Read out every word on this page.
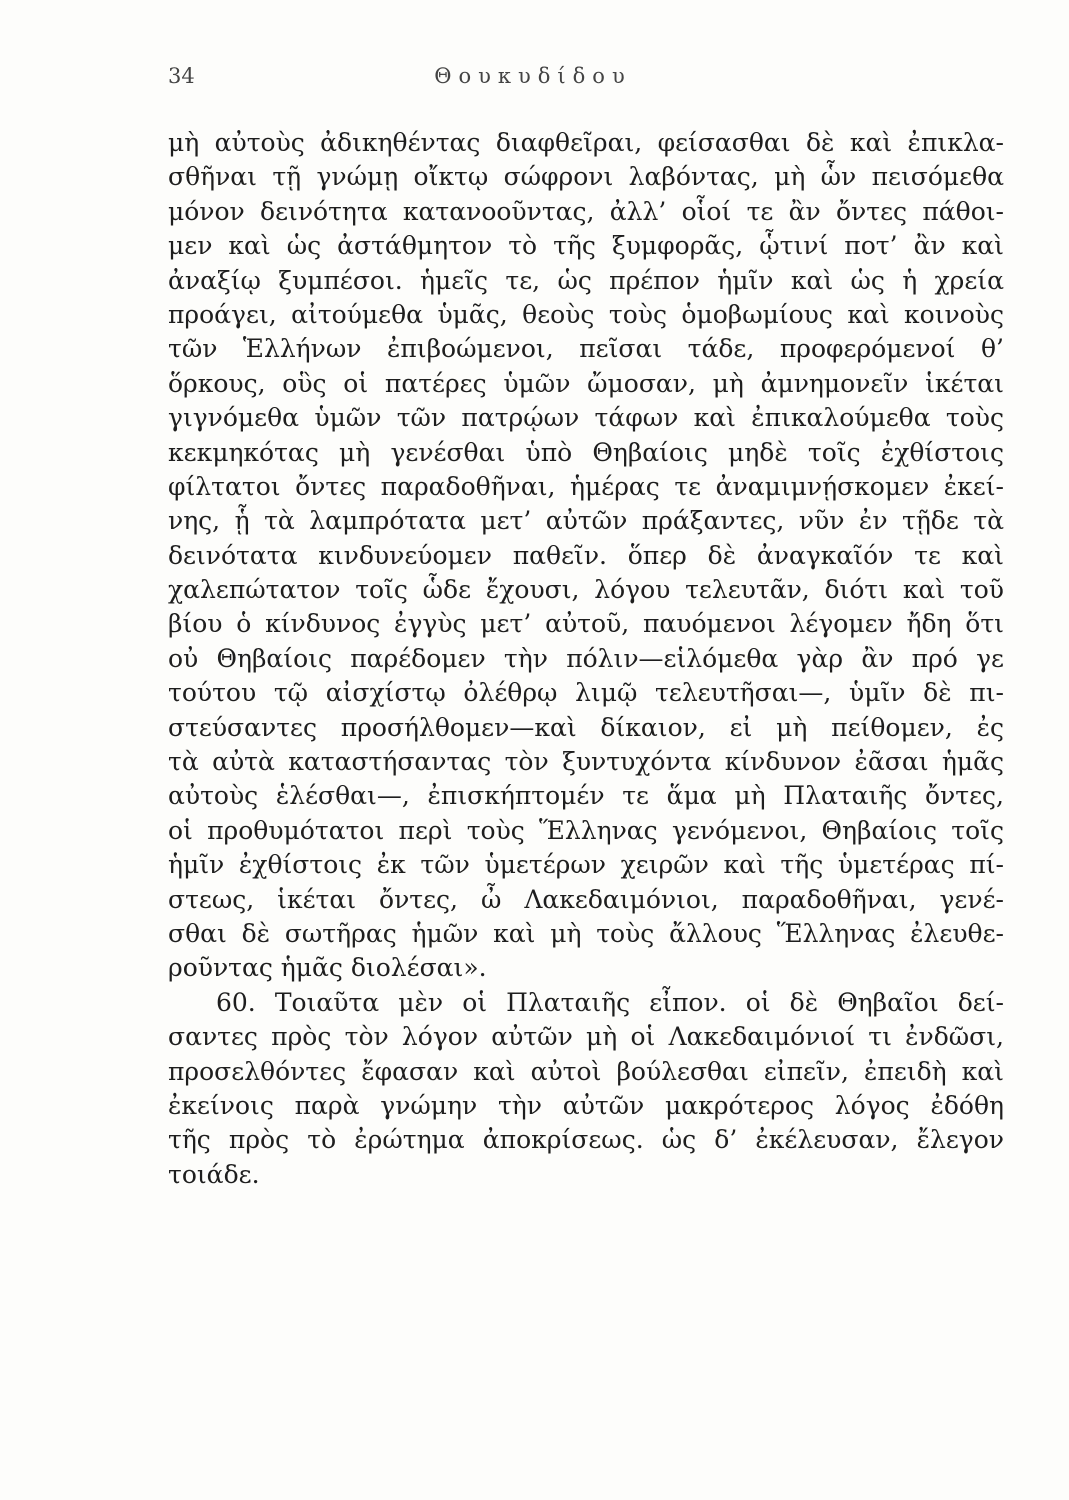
34	Θουκυδίδου
μὴ αὐτοὺς ἀδικηθέντας διαφθεῖραι, φείσασθαι δὲ καὶ ἐπικλα-
σθῆναι τῇ γνώμῃ οἴκτῳ σώφρονι λαβόντας, μὴ ὧν πεισόμεθα
μόνον δεινότητα κατανοοῦντας, ἀλλ’ οἷοί τε ἂν ὄντες πάθοι-
μεν καὶ ὡς ἀστάθμητον τὸ τῆς ξυμφορᾶς, ᾧτινί ποτ’ ἂν καὶ
ἀναξίῳ ξυμπέσοι. ἡμεῖς τε, ὡς πρέπον ἡμῖν καὶ ὡς ἡ χρεία
προάγει, αἰτούμεθα ὑμᾶς, θεοὺς τοὺς ὁμοβωμίους καὶ κοινοὺς
τῶν Ἑλλήνων ἐπιβοώμενοι, πεῖσαι τάδε, προφερόμενοί θ’
ὅρκους, οὓς οἱ πατέρες ὑμῶν ὤμοσαν, μὴ ἀμνημονεῖν ἱκέται
γιγνόμεθα ὑμῶν τῶν πατρῴων τάφων καὶ ἐπικαλούμεθα τοὺς
κεκμηκότας μὴ γενέσθαι ὑπὸ Θηβαίοις μηδὲ τοῖς ἐχθίστοις
φίλτατοι ὄντες παραδοθῆναι, ἡμέρας τε ἀναμιμνῄσκομεν ἐκεί-
νης, ᾗ τὰ λαμπρότατα μετ’ αὐτῶν πράξαντες, νῦν ἐν τῇδε τὰ
δεινότατα κινδυνεύομεν παθεῖν. ὅπερ δὲ ἀναγκαῖόν τε καὶ
χαλεπώτατον τοῖς ὧδε ἔχουσι, λόγου τελευτᾶν, διότι καὶ τοῦ
βίου ὁ κίνδυνος ἐγγὺς μετ’ αὐτοῦ, παυόμενοι λέγομεν ἤδη ὅτι
οὐ Θηβαίοις παρέδομεν τὴν πόλιν—εἱλόμεθα γὰρ ἂν πρό γε
τούτου τῷ αἰσχίστῳ ὀλέθρῳ λιμῷ τελευτῆσαι—, ὑμῖν δὲ πι-
στεύσαντες προσήλθομεν—καὶ δίκαιον, εἰ μὴ πείθομεν, ἐς
τὰ αὐτὰ καταστήσαντας τὸν ξυντυχόντα κίνδυνον ἐᾶσαι ἡμᾶς
αὐτοὺς ἑλέσθαι—, ἐπισκήπτομέν τε ἅμα μὴ Πλαταιῆς ὄντες,
οἱ προθυμότατοι περὶ τοὺς Ἕλληνας γενόμενοι, Θηβαίοις τοῖς
ἡμῖν ἐχθίστοις ἐκ τῶν ὑμετέρων χειρῶν καὶ τῆς ὑμετέρας πί-
στεως, ἱκέται ὄντες, ὦ Λακεδαιμόνιοι, παραδοθῆναι, γενέ-
σθαι δὲ σωτῆρας ἡμῶν καὶ μὴ τοὺς ἄλλους Ἕλληνας ἐλευθε-
ροῦντας ἡμᾶς διολέσαι».
60. Τοιαῦτα μὲν οἱ Πλαταιῆς εἶπον. οἱ δὲ Θηβαῖοι δεί-
σαντες πρὸς τὸν λόγον αὐτῶν μὴ οἱ Λακεδαιμόνιοί τι ἐνδῶσι,
προσελθόντες ἔφασαν καὶ αὐτοὶ βούλεσθαι εἰπεῖν, ἐπειδὴ καὶ
ἐκείνοις παρὰ γνώμην τὴν αὐτῶν μακρότερος λόγος ἐδόθη
τῆς πρὸς τὸ ἐρώτημα ἀποκρίσεως. ὡς δ’ ἐκέλευσαν, ἔλεγον
τοιάδε.
